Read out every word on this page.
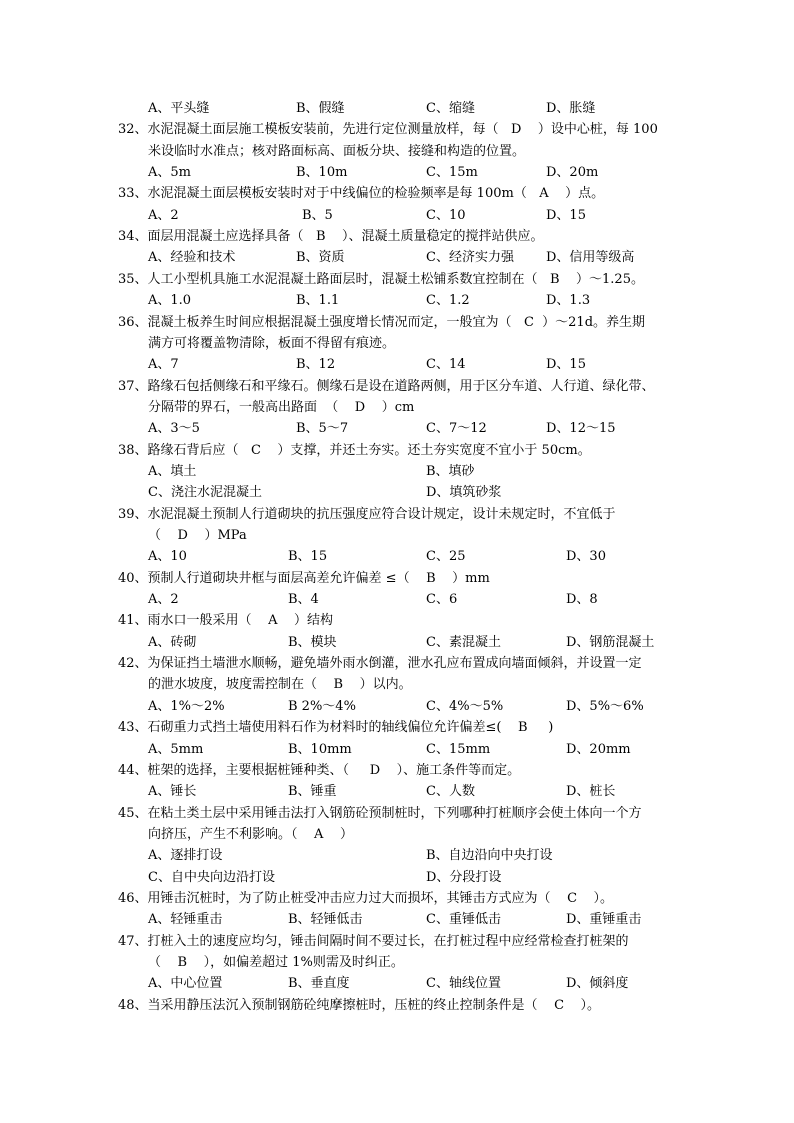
A、平头缝	B、假缝	C、缩缝	D、胀缝
32、水泥混凝土面层施工模板安装前，先进行定位测量放样，每（   D    ）设中心桩，每 100
米设临时水准点；核对路面标高、面板分块、接缝和构造的位置。
A、5m	B、10m	C、15m	D、20m
33、水泥混凝土面层模板安装时对于中线偏位的检验频率是每 100m（   A    ）点。
A、2	B、5	C、10	D、15
34、面层用混凝土应选择具备（   B    ）、混凝土质量稳定的搅拌站供应。
A、经验和技术	B、资质	C、经济实力强 D、信用等级高
35、人工小型机具施工水泥混凝土路面层时，混凝土松铺系数宜控制在（   B    ）～1.25。
A、1.0	B、1.1	C、1.2	D、1.3
36、混凝土板养生时间应根据混凝土强度增长情况而定，一般宜为（   C  ）～21d。养生期
满方可将覆盖物清除，板面不得留有痕迹。
A、7	B、12	C、14	D、15
37、路缘石包括侧缘石和平缘石。侧缘石是设在道路两侧，用于区分车道、人行道、绿化带、
分隔带的界石，一般高出路面  （    D    ）cm
A、3～5	B、5～7	C、7～12	D、12～15
38、路缘石背后应（   C    ）支撑，并还土夯实。还土夯实宽度不宜小于 50cm。
A、填土	B、填砂
C、浇注水泥混凝土	D、填筑砂浆
39、水泥混凝土预制人行道砌块的抗压强度应符合设计规定，设计未规定时，不宜低于
（    D    ）MPa
A、10	B、15	C、25	D、30
40、预制人行道砌块井框与面层高差允许偏差 ≤（    B    ）mm
A、2	B、4	C、6	D、8
41、雨水口一般采用（    A    ）结构
A、砖砌	B、模块	C、素混凝土	D、钢筋混凝土
42、为保证挡土墙泄水顺畅，避免墙外雨水倒灌，泄水孔应布置成向墙面倾斜，并设置一定
的泄水坡度，坡度需控制在（    B    ）以内。
A、1%～2%	B 2%～4%	C、4%～5%	D、5%～6%
43、石砌重力式挡土墙使用料石作为材料时的轴线偏位允许偏差≤(    B     )
A、5mm	B、10mm	C、15mm	D、20mm
44、桩架的选择，主要根据桩锤种类、（     D    ）、施工条件等而定。
A、锤长	B、锤重	C、人数	D、桩长
45、在粘土类土层中采用锤击法打入钢筋砼预制桩时，下列哪种打桩顺序会使土体向一个方
向挤压，产生不利影响。（    A    ）
A、逐排打设	B、自边沿向中央打设
C、自中央向边沿打设	D、分段打设
46、用锤击沉桩时，为了防止桩受冲击应力过大而损坏，其锤击方式应为（    C    ）。
A、轻锤重击	B、轻锤低击	C、重锤低击	D、重锤重击
47、打桩入土的速度应均匀，锤击间隔时间不要过长，在打桩过程中应经常检查打桩架的
（    B    ），如偏差超过 1%则需及时纠正。
A、中心位置	B、垂直度	C、轴线位置	D、倾斜度
48、当采用静压法沉入预制钢筋砼纯摩擦桩时，压桩的终止控制条件是（    C    ）。
